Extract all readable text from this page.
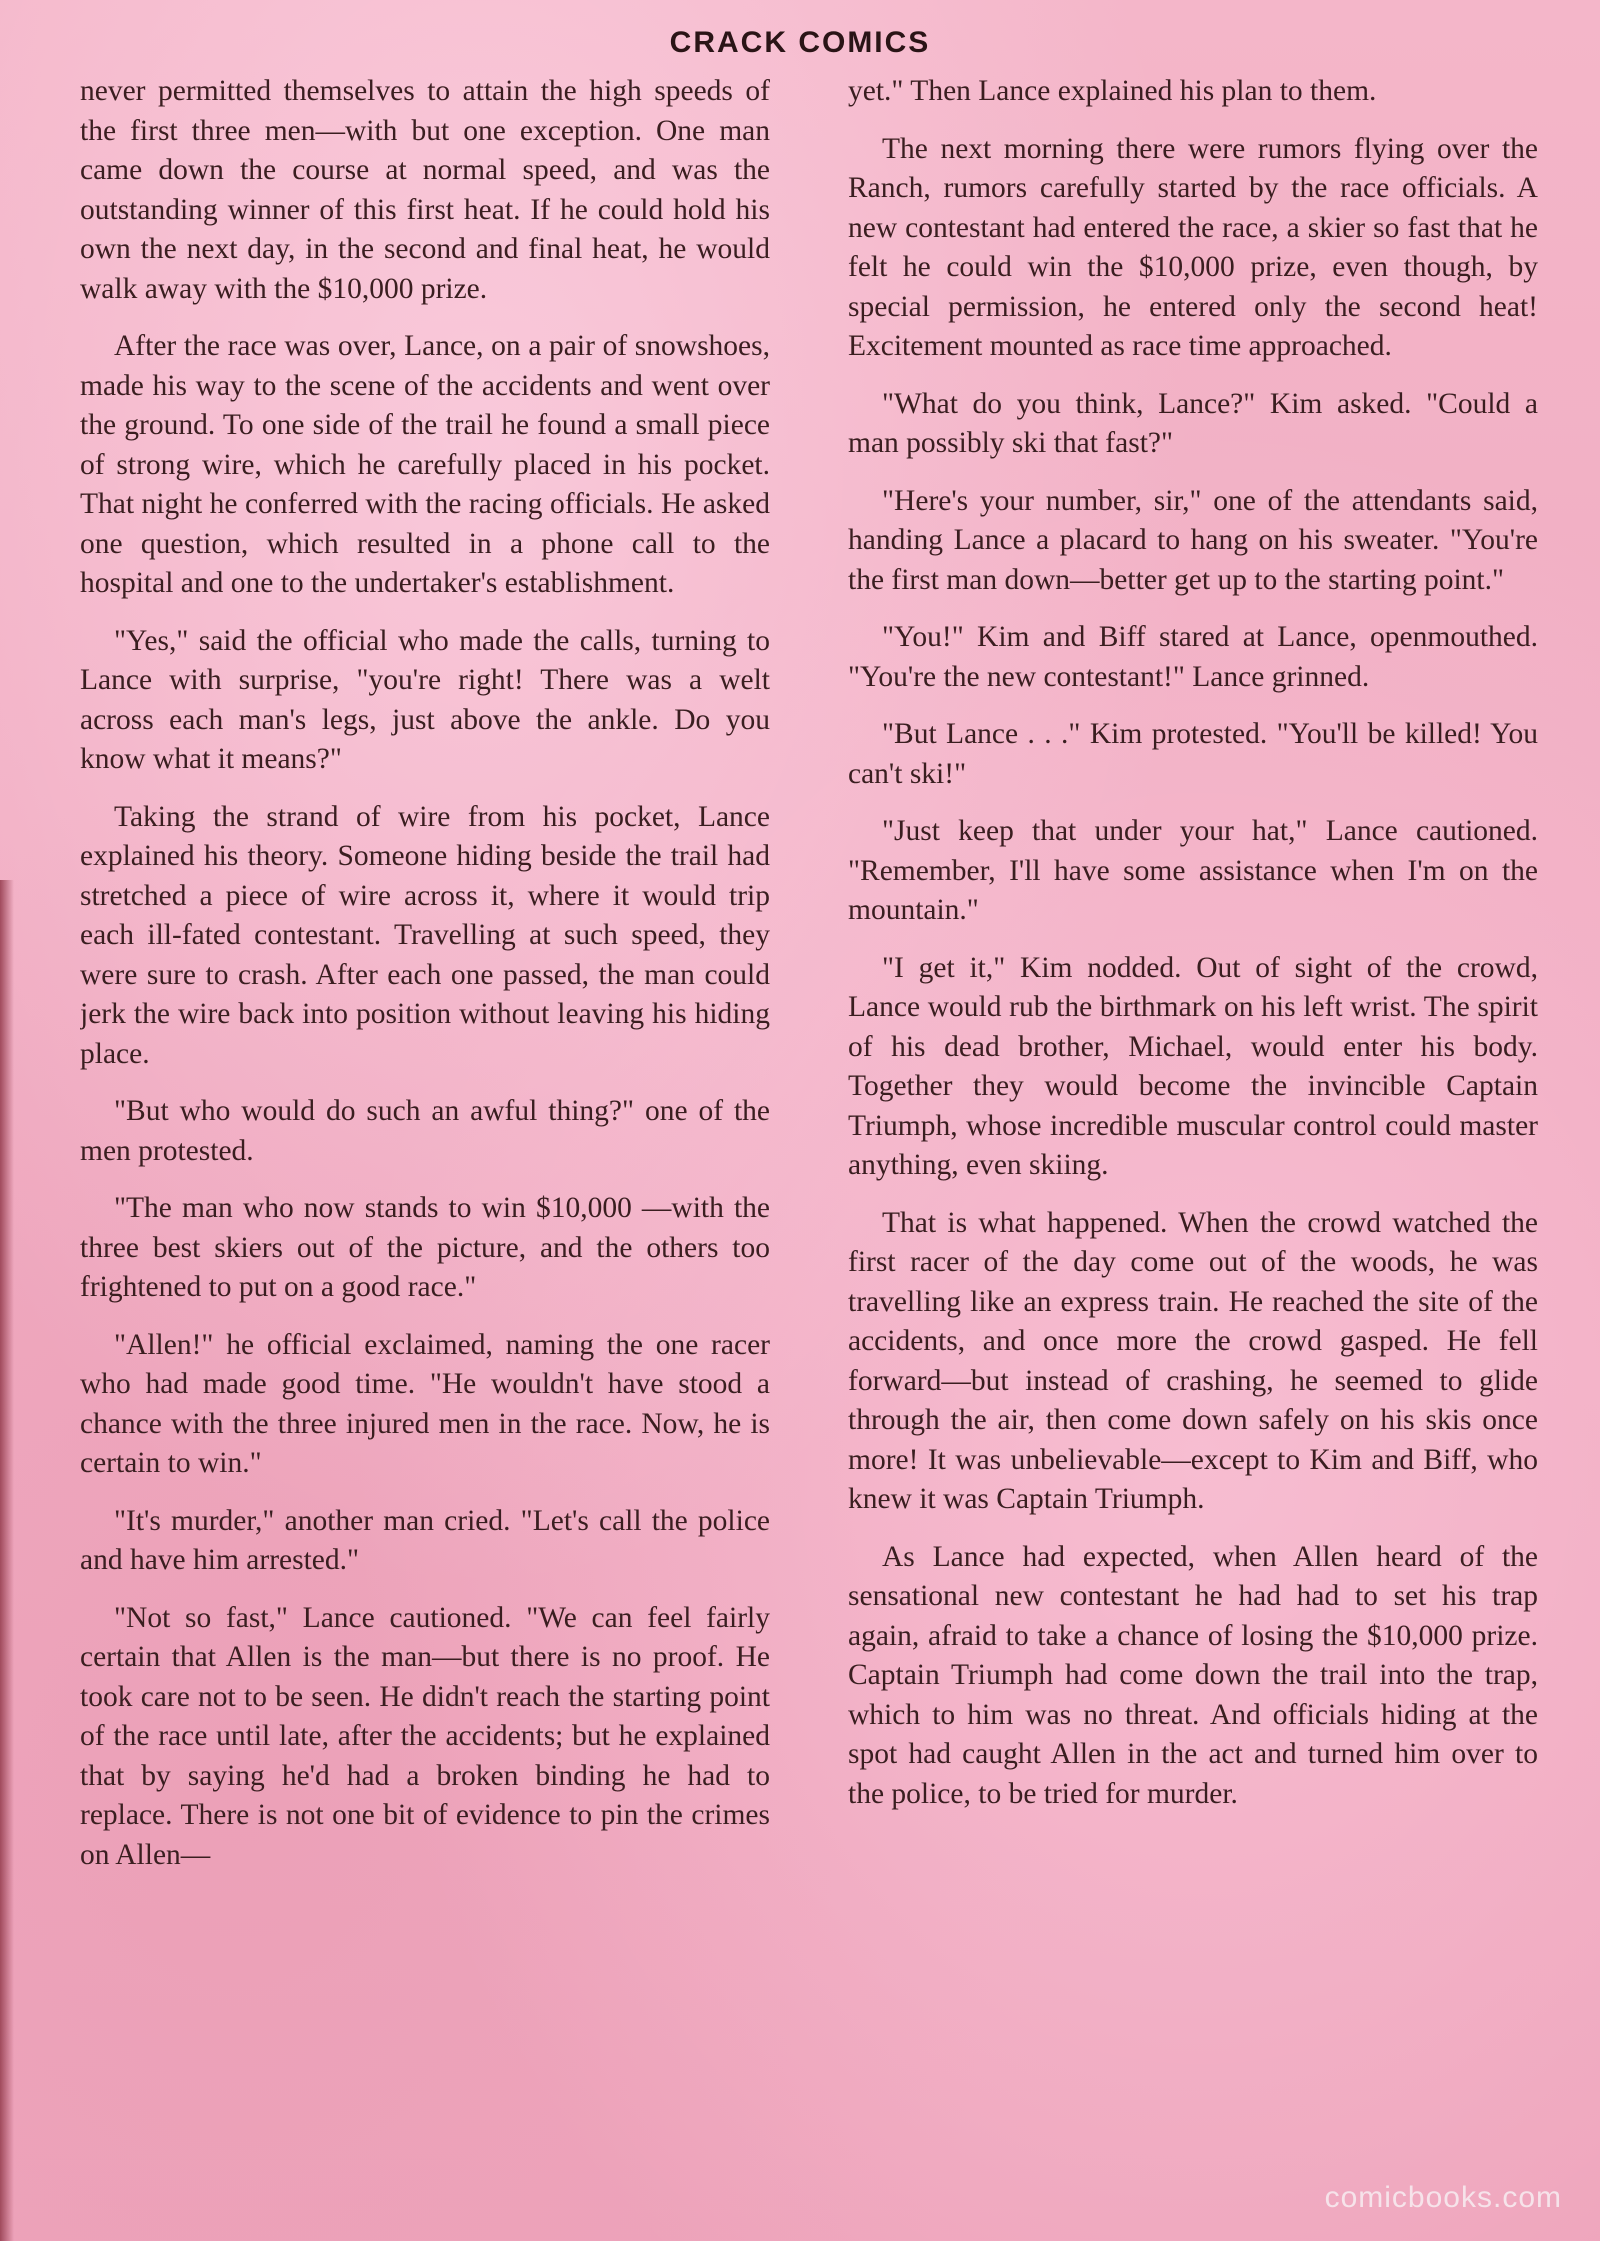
CRACK COMICS

never permitted themselves to attain the high speeds of the first three men—with but one exception. One man came down the course at normal speed, and was the outstanding winner of this first heat. If he could hold his own the next day, in the second and final heat, he would walk away with the $10,000 prize.

After the race was over, Lance, on a pair of snowshoes, made his way to the scene of the accidents and went over the ground. To one side of the trail he found a small piece of strong wire, which he carefully placed in his pocket. That night he conferred with the racing officials. He asked one question, which resulted in a phone call to the hospital and one to the undertaker's establishment.

"Yes," said the official who made the calls, turning to Lance with surprise, "you're right! There was a welt across each man's legs, just above the ankle. Do you know what it means?"

Taking the strand of wire from his pocket, Lance explained his theory. Someone hiding beside the trail had stretched a piece of wire across it, where it would trip each ill-fated contestant. Travelling at such speed, they were sure to crash. After each one passed, the man could jerk the wire back into position without leaving his hiding place.

"But who would do such an awful thing?" one of the men protested.

"The man who now stands to win $10,000 —with the three best skiers out of the picture, and the others too frightened to put on a good race."

"Allen!" he official exclaimed, naming the one racer who had made good time. "He wouldn't have stood a chance with the three injured men in the race. Now, he is certain to win."

"It's murder," another man cried. "Let's call the police and have him arrested."

"Not so fast," Lance cautioned. "We can feel fairly certain that Allen is the man—but there is no proof. He took care not to be seen. He didn't reach the starting point of the race until late, after the accidents; but he explained that by saying he'd had a broken binding he had to replace. There is not one bit of evidence to pin the crimes on Allen—

yet." Then Lance explained his plan to them.

The next morning there were rumors flying over the Ranch, rumors carefully started by the race officials. A new contestant had entered the race, a skier so fast that he felt he could win the $10,000 prize, even though, by special permission, he entered only the second heat! Excitement mounted as race time approached.

"What do you think, Lance?" Kim asked. "Could a man possibly ski that fast?"

"Here's your number, sir," one of the attendants said, handing Lance a placard to hang on his sweater. "You're the first man down—better get up to the starting point."

"You!" Kim and Biff stared at Lance, openmouthed. "You're the new contestant!" Lance grinned.

"But Lance . . ." Kim protested. "You'll be killed! You can't ski!"

"Just keep that under your hat," Lance cautioned. "Remember, I'll have some assistance when I'm on the mountain."

"I get it," Kim nodded. Out of sight of the crowd, Lance would rub the birthmark on his left wrist. The spirit of his dead brother, Michael, would enter his body. Together they would become the invincible Captain Triumph, whose incredible muscular control could master anything, even skiing.

That is what happened. When the crowd watched the first racer of the day come out of the woods, he was travelling like an express train. He reached the site of the accidents, and once more the crowd gasped. He fell forward—but instead of crashing, he seemed to glide through the air, then come down safely on his skis once more! It was unbelievable—except to Kim and Biff, who knew it was Captain Triumph.

As Lance had expected, when Allen heard of the sensational new contestant he had had to set his trap again, afraid to take a chance of losing the $10,000 prize. Captain Triumph had come down the trail into the trap, which to him was no threat. And officials hiding at the spot had caught Allen in the act and turned him over to the police, to be tried for murder.

comicbooks.com
